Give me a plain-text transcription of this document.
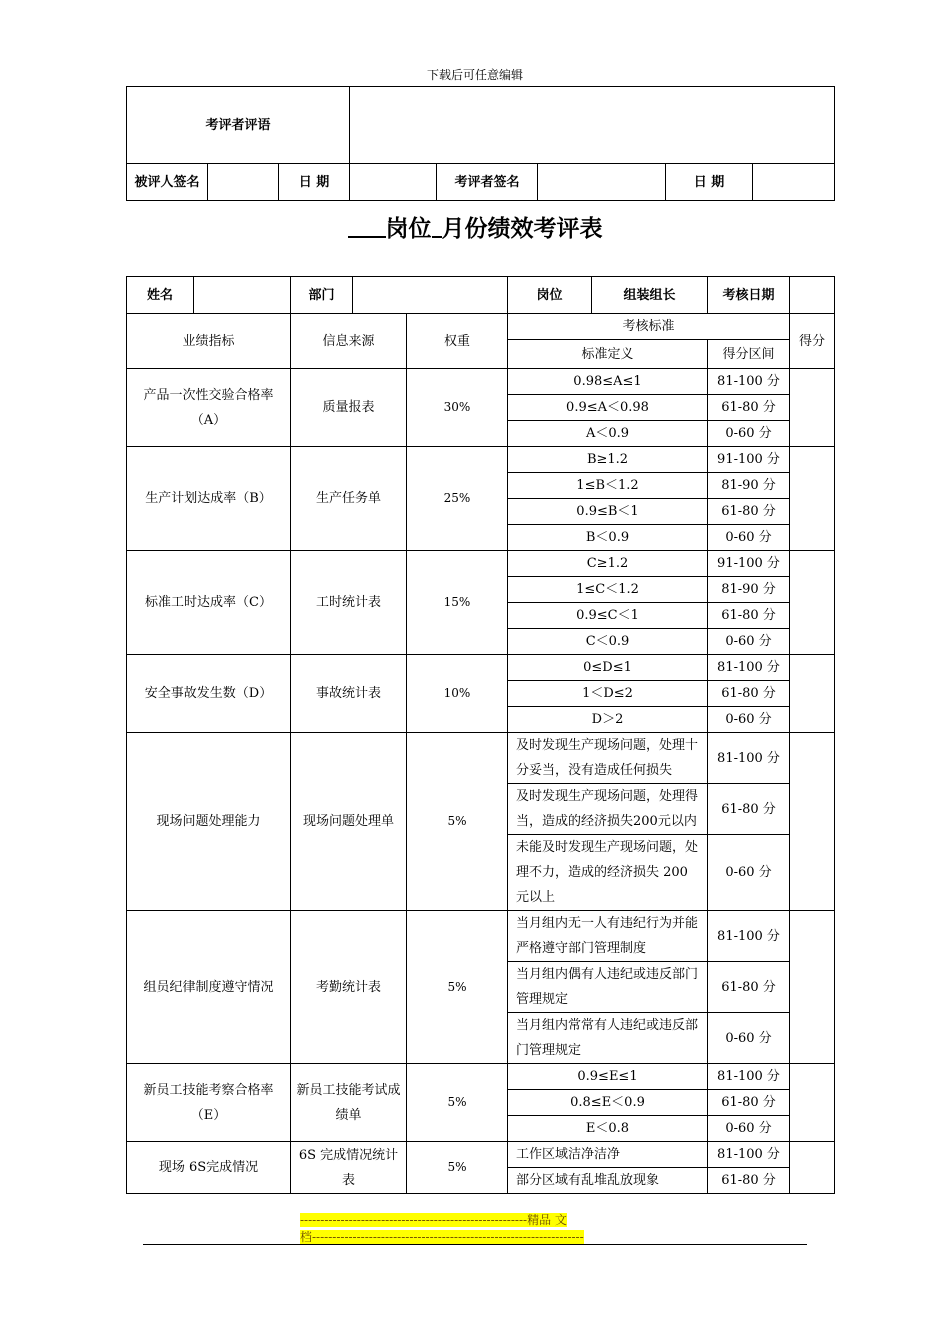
下载后可任意编辑
考评者评语							
被评人签名		日 期		考评者签名		日 期	
岗位 月份绩效考评表
姓名		部门			岗位	组装组长	考核日期	
业绩指标		信息来源		权重	考核标准			得分
					标准定义		得分区间	
产品一次性交验合格率（A）		质量报表		30%	0.98≤A≤1		81-100 分	
					0.9≤A＜0.98		61-80 分	
					A＜0.9		0-60 分	
生产计划达成率（B）		生产任务单		25%	B≥1.2		91-100 分	
					1≤B＜1.2		81-90 分	
					0.9≤B＜1		61-80 分	
					B＜0.9		0-60 分	
标准工时达成率（C）		工时统计表		15%	C≥1.2		91-100 分	
					1≤C＜1.2		81-90 分	
					0.9≤C＜1		61-80 分	
					C＜0.9		0-60 分	
安全事故发生数（D）		事故统计表		10%	0≤D≤1		81-100 分	
					1＜D≤2		61-80 分	
					D＞2		0-60 分	
现场问题处理能力		现场问题处理单		5%	及时发现生产现场问题，处理十分妥当，没有造成任何损失		81-100 分	
					及时发现生产现场问题，处理得当，造成的经济损失200元以内		61-80 分	
					未能及时发现生产现场问题，处理不力，造成的经济损失 200 元以上		0-60 分	
组员纪律制度遵守情况		考勤统计表		5%	当月组内无一人有违纪行为并能严格遵守部门管理制度		81-100 分	
					当月组内偶有人违纪或违反部门管理规定		61-80 分	
					当月组内常常有人违纪或违反部门管理规定		0-60 分	
新员工技能考察合格率（E）		新员工技能考试成绩单		5%	0.9≤E≤1		81-100 分	
					0.8≤E＜0.9		61-80 分	
					E＜0.8		0-60 分	
现场 6S完成情况		6S 完成情况统计表		5%	工作区域洁净洁净		81-100 分	
					部分区域有乱堆乱放现象		61-80 分	
--------------------------------------------------------精品 文
档-------------------------------------------------------------------
